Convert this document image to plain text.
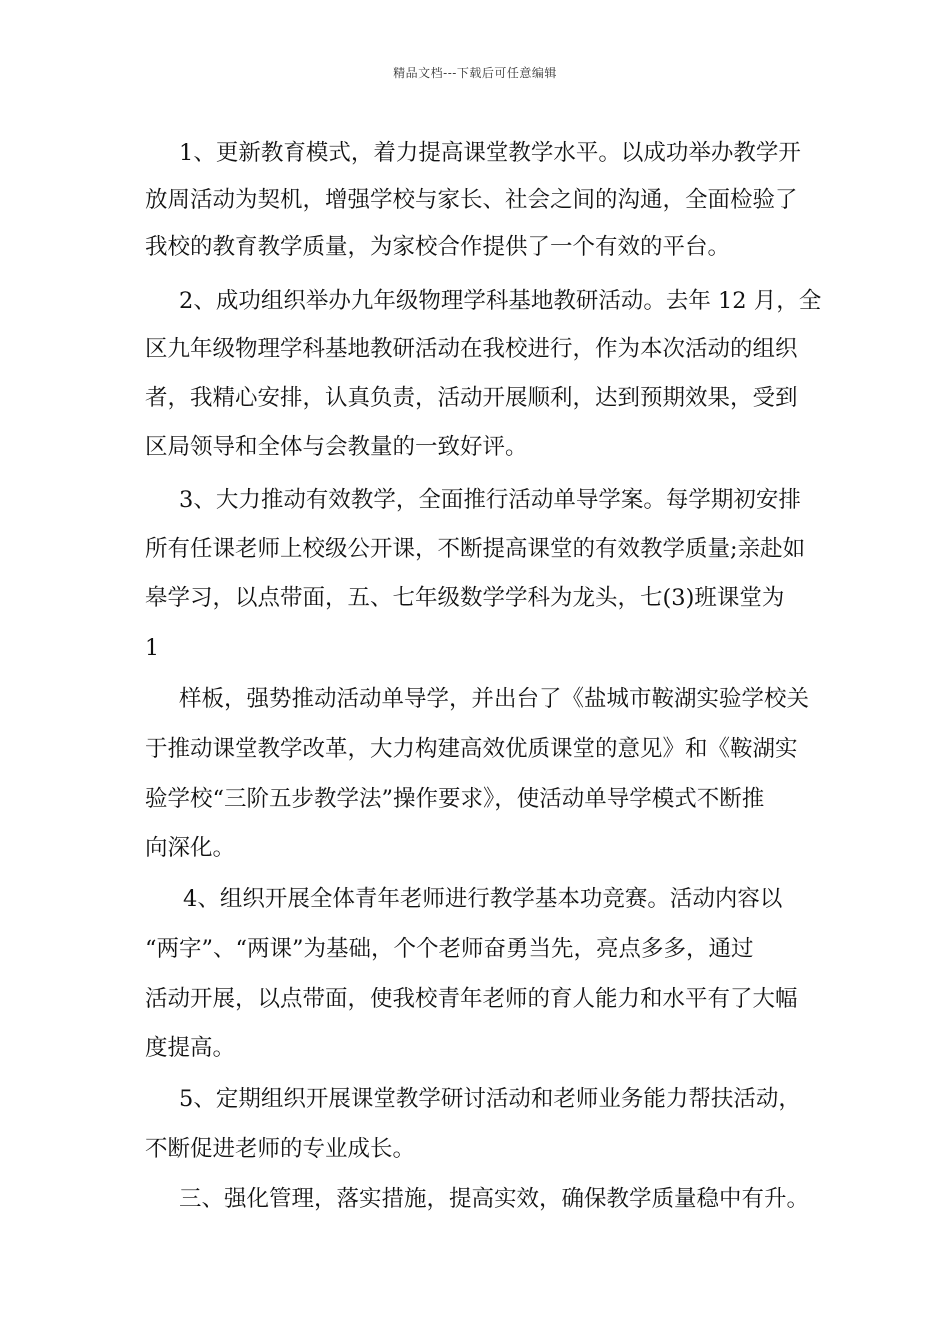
精品文档---下载后可任意编辑
1、更新教育模式，着力提高课堂教学水平。以成功举办教学开
放周活动为契机，增强学校与家长、社会之间的沟通，全面检验了
我校的教育教学质量，为家校合作提供了一个有效的平台。
2、成功组织举办九年级物理学科基地教研活动。去年 12 月，全
区九年级物理学科基地教研活动在我校进行，作为本次活动的组织
者，我精心安排，认真负责，活动开展顺利，达到预期效果，受到
区局领导和全体与会教量的一致好评。
3、大力推动有效教学，全面推行活动单导学案。每学期初安排
所有任课老师上校级公开课，不断提高课堂的有效教学质量;亲赴如
皋学习，以点带面，五、七年级数学学科为龙头，七(3)班课堂为
1
样板，强势推动活动单导学，并出台了《盐城市鞍湖实验学校关
于推动课堂教学改革，大力构建高效优质课堂的意见》和《鞍湖实
验学校“三阶五步教学法”操作要求》，使活动单导学模式不断推
向深化。
4、组织开展全体青年老师进行教学基本功竞赛。活动内容以
“两字”、“两课”为基础，个个老师奋勇当先，亮点多多，通过
活动开展，以点带面，使我校青年老师的育人能力和水平有了大幅
度提高。
5、定期组织开展课堂教学研讨活动和老师业务能力帮扶活动，
不断促进老师的专业成长。
三、强化管理，落实措施，提高实效，确保教学质量稳中有升。
